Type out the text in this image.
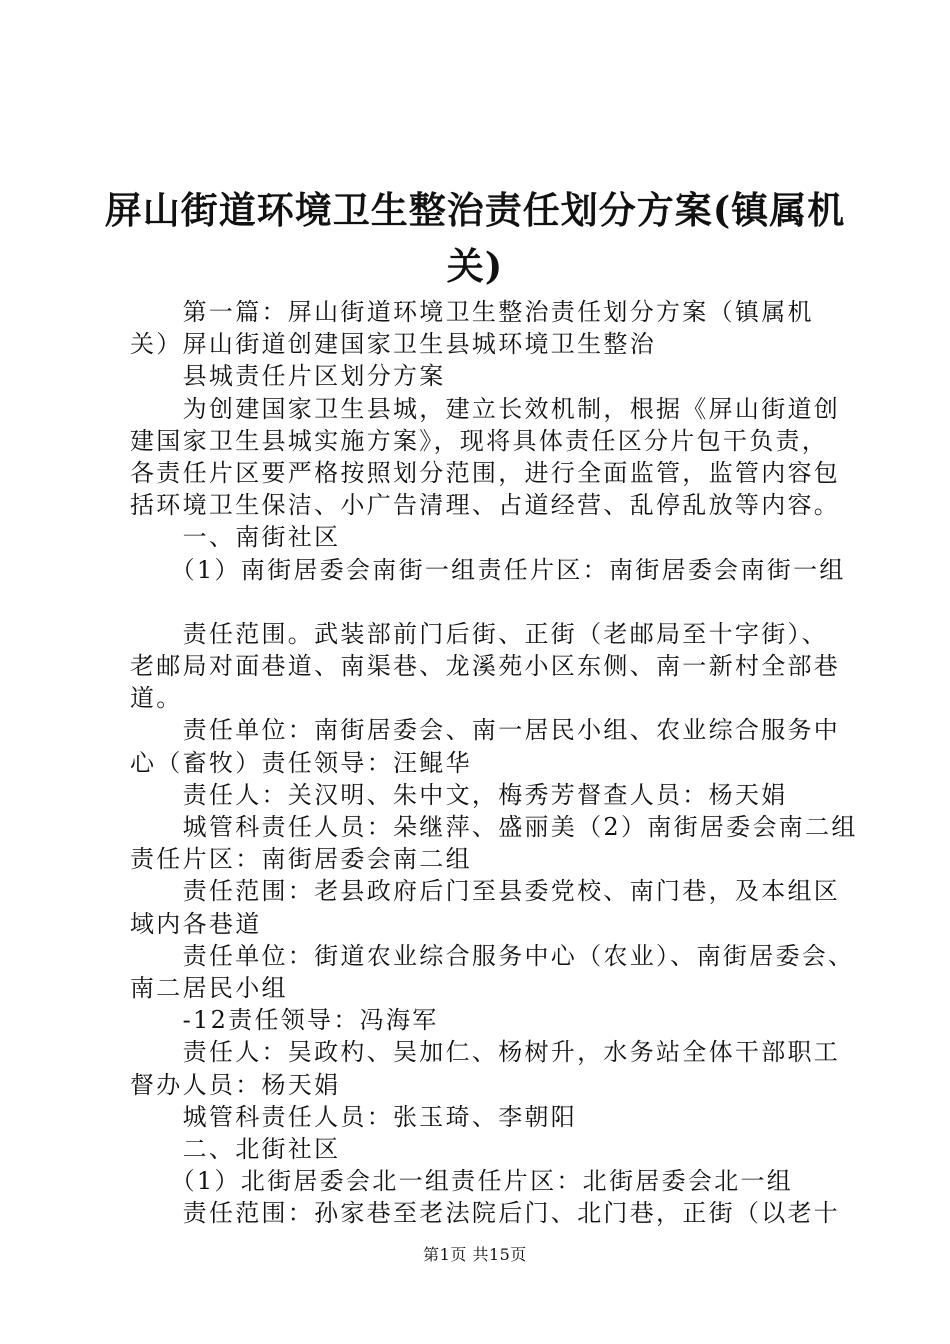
屏山街道环境卫生整治责任划分方案(镇属机
关)

　　第一篇：屏山街道环境卫生整治责任划分方案（镇属机

关）屏山街道创建国家卫生县城环境卫生整治

　　县城责任片区划分方案

　　为创建国家卫生县城，建立长效机制，根据《屏山街道创

建国家卫生县城实施方案》，现将具体责任区分片包干负责，

各责任片区要严格按照划分范围，进行全面监管，监管内容包

括环境卫生保洁、小广告清理、占道经营、乱停乱放等内容。

　　一、南街社区

　　（1）南街居委会南街一组责任片区：南街居委会南街一组

　　责任范围。武装部前门后街、正街（老邮局至十字街）、

老邮局对面巷道、南渠巷、龙溪苑小区东侧、南一新村全部巷

道。

　　责任单位：南街居委会、南一居民小组、农业综合服务中

心（畜牧）责任领导：汪鲲华

　　责任人：关汉明、朱中文，梅秀芳督查人员：杨天娟

　　城管科责任人员：朵继萍、盛丽美（2）南街居委会南二组

责任片区：南街居委会南二组

　　责任范围：老县政府后门至县委党校、南门巷，及本组区

域内各巷道

　　责任单位：街道农业综合服务中心（农业）、南街居委会、

南二居民小组

　　-12责任领导：冯海军

　　责任人：吴政杓、吴加仁、杨树升，水务站全体干部职工

督办人员：杨天娟

　　城管科责任人员：张玉琦、李朝阳

　　二、北街社区

　　（1）北街居委会北一组责任片区：北街居委会北一组

　　责任范围：孙家巷至老法院后门、北门巷，正街（以老十

第1页 共15页
